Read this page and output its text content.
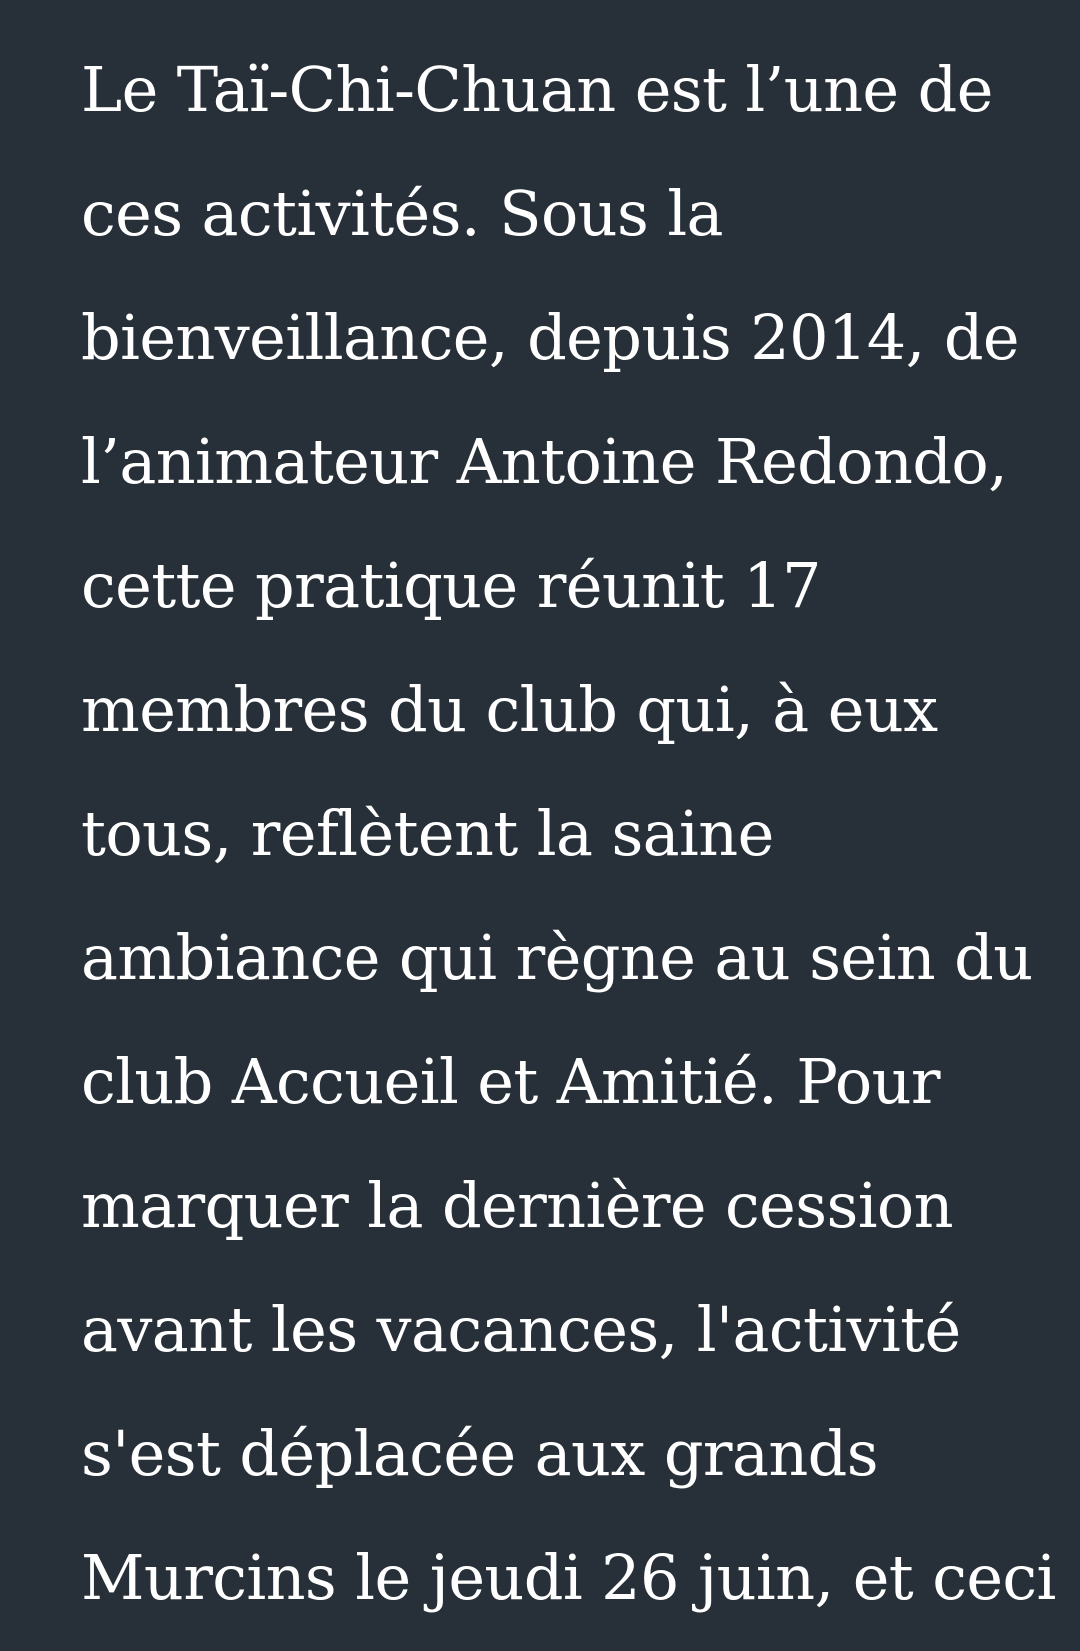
Le Taï-Chi-Chuan est l’une de

ces activités. Sous la

bienveillance, depuis 2014, de

l’animateur Antoine Redondo,

cette pratique réunit 17

membres du club qui, à eux

tous, reflètent la saine

ambiance qui règne au sein du

club Accueil et Amitié. Pour

marquer la dernière cession

avant les vacances, l'activité

s'est déplacée aux grands

Murcins le jeudi 26 juin, et ceci
